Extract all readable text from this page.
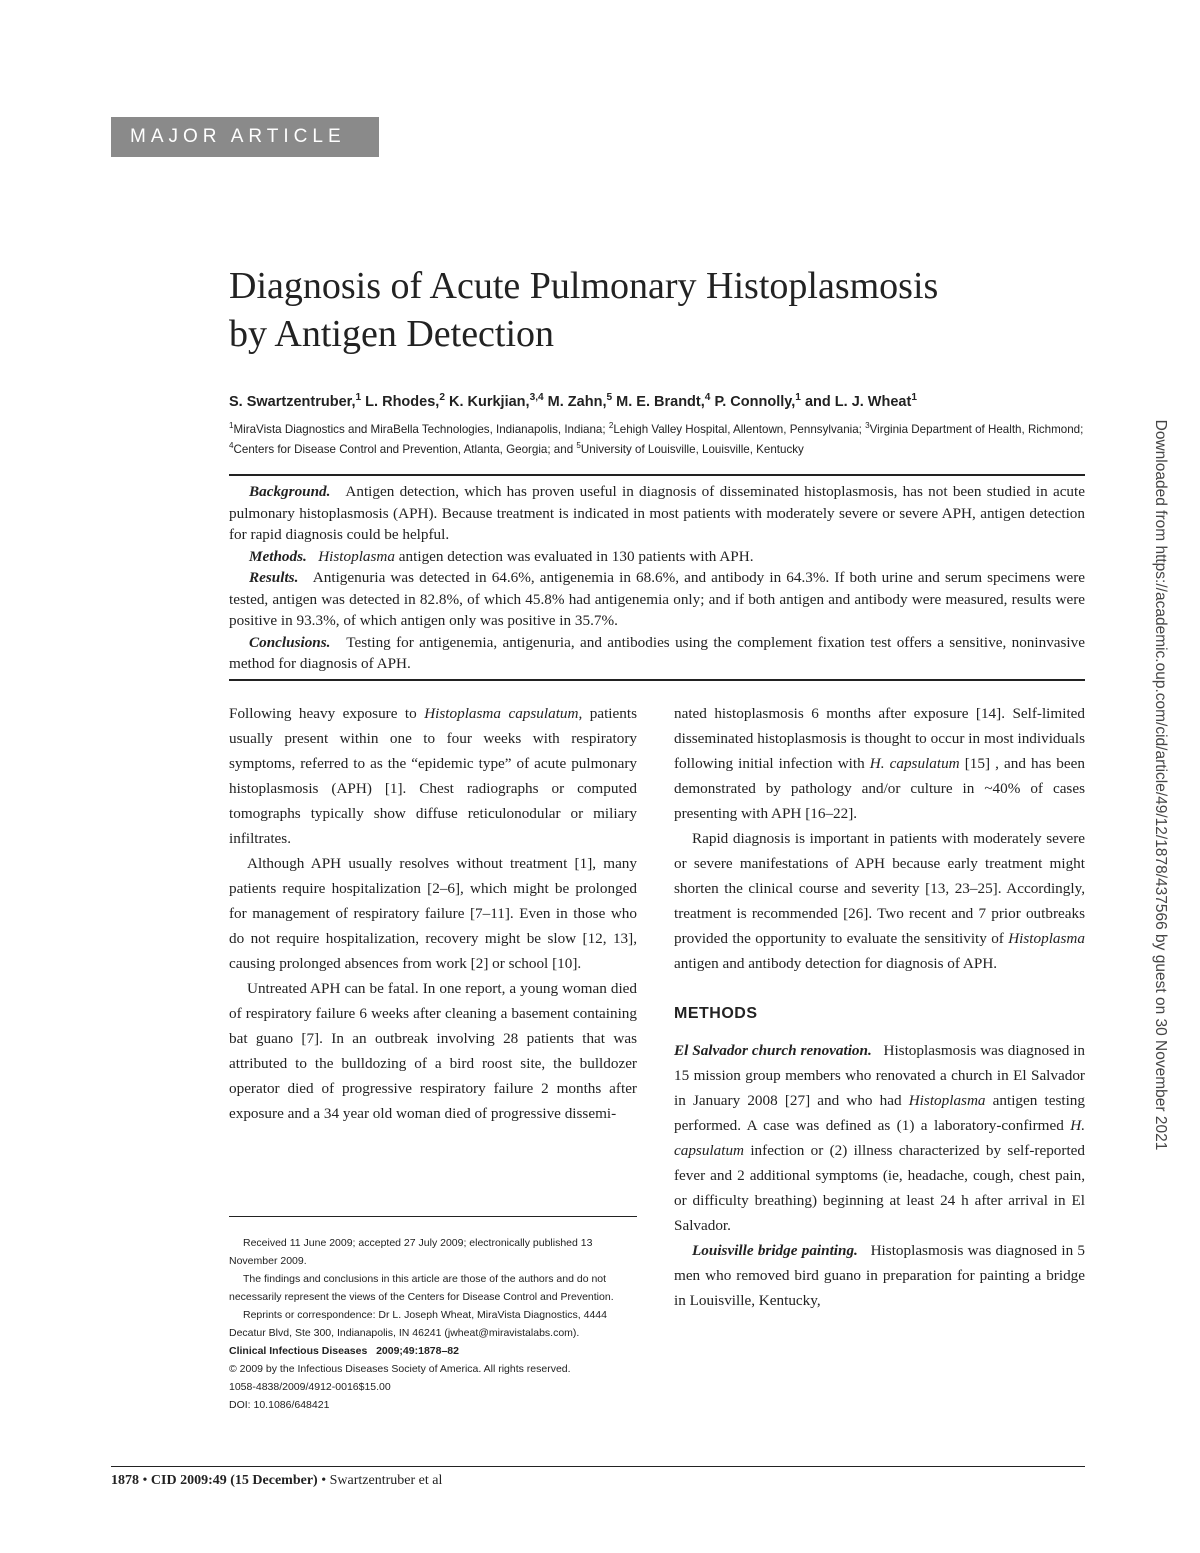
MAJOR ARTICLE
Diagnosis of Acute Pulmonary Histoplasmosis
by Antigen Detection
S. Swartzentruber,$^1$ L. Rhodes,$^2$ K. Kurkjian,$^{3,4}$ M. Zahn,$^5$ M. E. Brandt,$^4$ P. Connolly,$^1$ and L. J. Wheat$^1$
$^1$MiraVista Diagnostics and MiraBella Technologies, Indianapolis, Indiana; $^2$Lehigh Valley Hospital, Allentown, Pennsylvania; $^3$Virginia Department of Health, Richmond; $^4$Centers for Disease Control and Prevention, Atlanta, Georgia; and $^5$University of Louisville, Louisville, Kentucky

Background. Antigen detection, which has proven useful in diagnosis of disseminated histoplasmosis, has not been studied in acute pulmonary histoplasmosis (APH). Because treatment is indicated in most patients with moderately severe or severe APH, antigen detection for rapid diagnosis could be helpful.

Methods. Histoplasma antigen detection was evaluated in 130 patients with APH.

Results. Antigenuria was detected in 64.6%, antigenemia in 68.6%, and antibody in 64.3%. If both urine and serum specimens were tested, antigen was detected in 82.8%, of which 45.8% had antigenemia only; and if both antigen and antibody were measured, results were positive in 93.3%, of which antigen only was positive in 35.7%.

Conclusions. Testing for antigenemia, antigenuria, and antibodies using the complement fixation test offers a sensitive, noninvasive method for diagnosis of APH.

Following heavy exposure to Histoplasma capsulatum, patients usually present within one to four weeks with respiratory symptoms, referred to as the “epidemic type” of acute pulmonary histoplasmosis (APH) [1]. Chest radiographs or computed tomographs typically show diffuse reticulonodular or miliary infiltrates.

Although APH usually resolves without treatment [1], many patients require hospitalization [2–6], which might be prolonged for management of respiratory failure [7–11]. Even in those who do not require hospitalization, recovery might be slow [12, 13], causing prolonged absences from work [2] or school [10].

Untreated APH can be fatal. In one report, a young woman died of respiratory failure 6 weeks after cleaning a basement containing bat guano [7]. In an outbreak involving 28 patients that was attributed to the bulldozing of a bird roost site, the bulldozer operator died of progressive respiratory failure 2 months after exposure and a 34 year old woman died of progressive dissemi-

nated histoplasmosis 6 months after exposure [14]. Self-limited disseminated histoplasmosis is thought to occur in most individuals following initial infection with H. capsulatum [15] , and has been demonstrated by pathology and/or culture in ~40% of cases presenting with APH [16–22].

Rapid diagnosis is important in patients with moderately severe or severe manifestations of APH because early treatment might shorten the clinical course and severity [13, 23–25]. Accordingly, treatment is recommended [26]. Two recent and 7 prior outbreaks provided the opportunity to evaluate the sensitivity of Histoplasma antigen and antibody detection for diagnosis of APH.

METHODS

El Salvador church renovation. Histoplasmosis was diagnosed in 15 mission group members who renovated a church in El Salvador in January 2008 [27] and who had Histoplasma antigen testing performed. A case was defined as (1) a laboratory-confirmed H. capsulatum infection or (2) illness characterized by self-reported fever and 2 additional symptoms (ie, headache, cough, chest pain, or difficulty breathing) beginning at least 24 h after arrival in El Salvador.

Louisville bridge painting. Histoplasmosis was diagnosed in 5 men who removed bird guano in preparation for painting a bridge in Louisville, Kentucky,

Received 11 June 2009; accepted 27 July 2009; electronically published 13 November 2009.

The findings and conclusions in this article are those of the authors and do not necessarily represent the views of the Centers for Disease Control and Prevention.

Reprints or correspondence: Dr L. Joseph Wheat, MiraVista Diagnostics, 4444 Decatur Blvd, Ste 300, Indianapolis, IN 46241 (jwheat@miravistalabs.com).

Clinical Infectious Diseases 2009;49:1878–82

© 2009 by the Infectious Diseases Society of America. All rights reserved.

1058-4838/2009/4912-0016$15.00

DOI: 10.1086/648421

1878 • CID 2009:49 (15 December) • Swartzentruber et al
Downloaded from https://academic.oup.com/cid/article/49/12/1878/437566 by guest on 30 November 2021
